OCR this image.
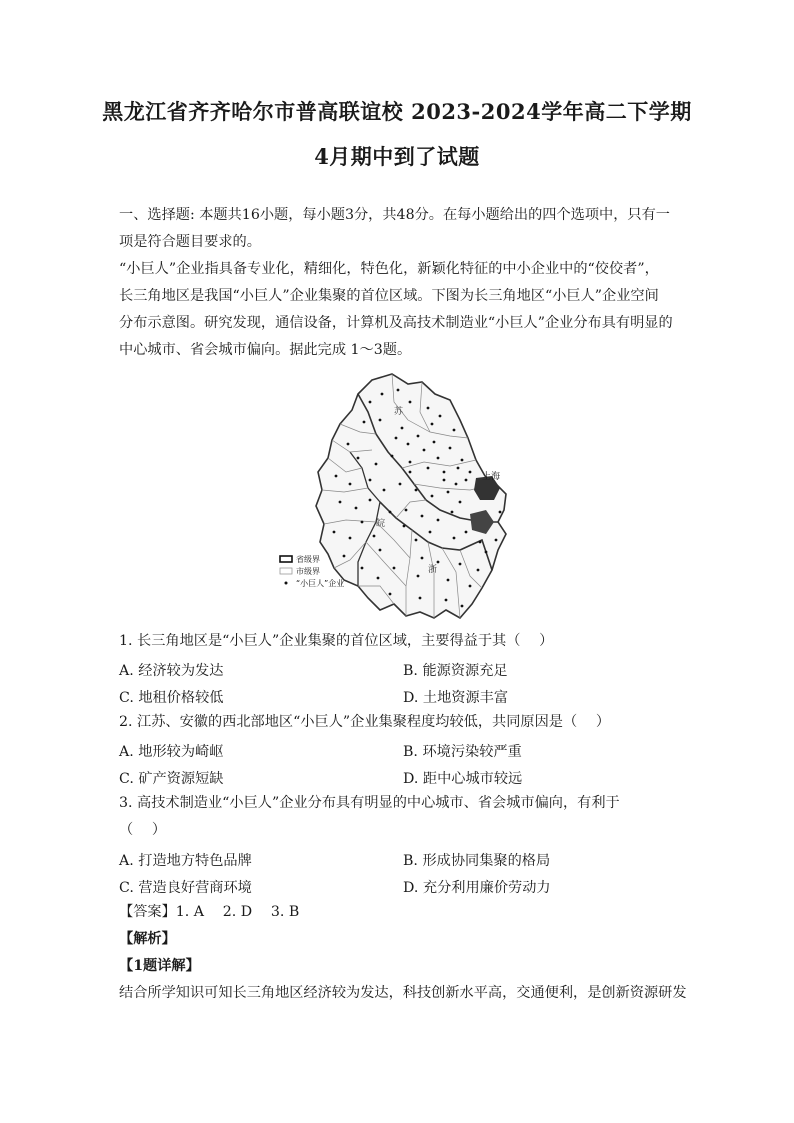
黑龙江省齐齐哈尔市普高联谊校 2023-2024学年高二下学期
4月期中到了试题
一、选择题: 本题共16小题，每小题3分，共48分。在每小题给出的四个选项中，只有一
项是符合题目要求的。
“小巨人”企业指具备专业化，精细化，特色化，新颖化特征的中小企业中的“佼佼者”，
长三角地区是我国“小巨人”企业集聚的首位区域。下图为长三角地区“小巨人”企业空间
分布示意图。研究发现，通信设备，计算机及高技术制造业“小巨人”企业分布具有明显的
中心城市、省会城市偏向。据此完成 1～3题。
上海
苏
皖
浙
省级界
市级界
“小巨人”企业
1. 长三角地区是“小巨人”企业集聚的首位区域，主要得益于其（　 ）
A. 经济较为发达	B. 能源资源充足
C. 地租价格较低	D. 土地资源丰富
2. 江苏、安徽的西北部地区“小巨人”企业集聚程度均较低，共同原因是（　 ）
A. 地形较为崎岖	B. 环境污染较严重
C. 矿产资源短缺	D. 距中心城市较远
3. 高技术制造业“小巨人”企业分布具有明显的中心城市、省会城市偏向，有利于
（　 ）
A. 打造地方特色品牌	B. 形成协同集聚的格局
C. 营造良好营商环境	D. 充分利用廉价劳动力
【答案】1. A　 2. D　 3. B
【解析】
【1题详解】
结合所学知识可知长三角地区经济较为发达，科技创新水平高，交通便利，是创新资源研发
